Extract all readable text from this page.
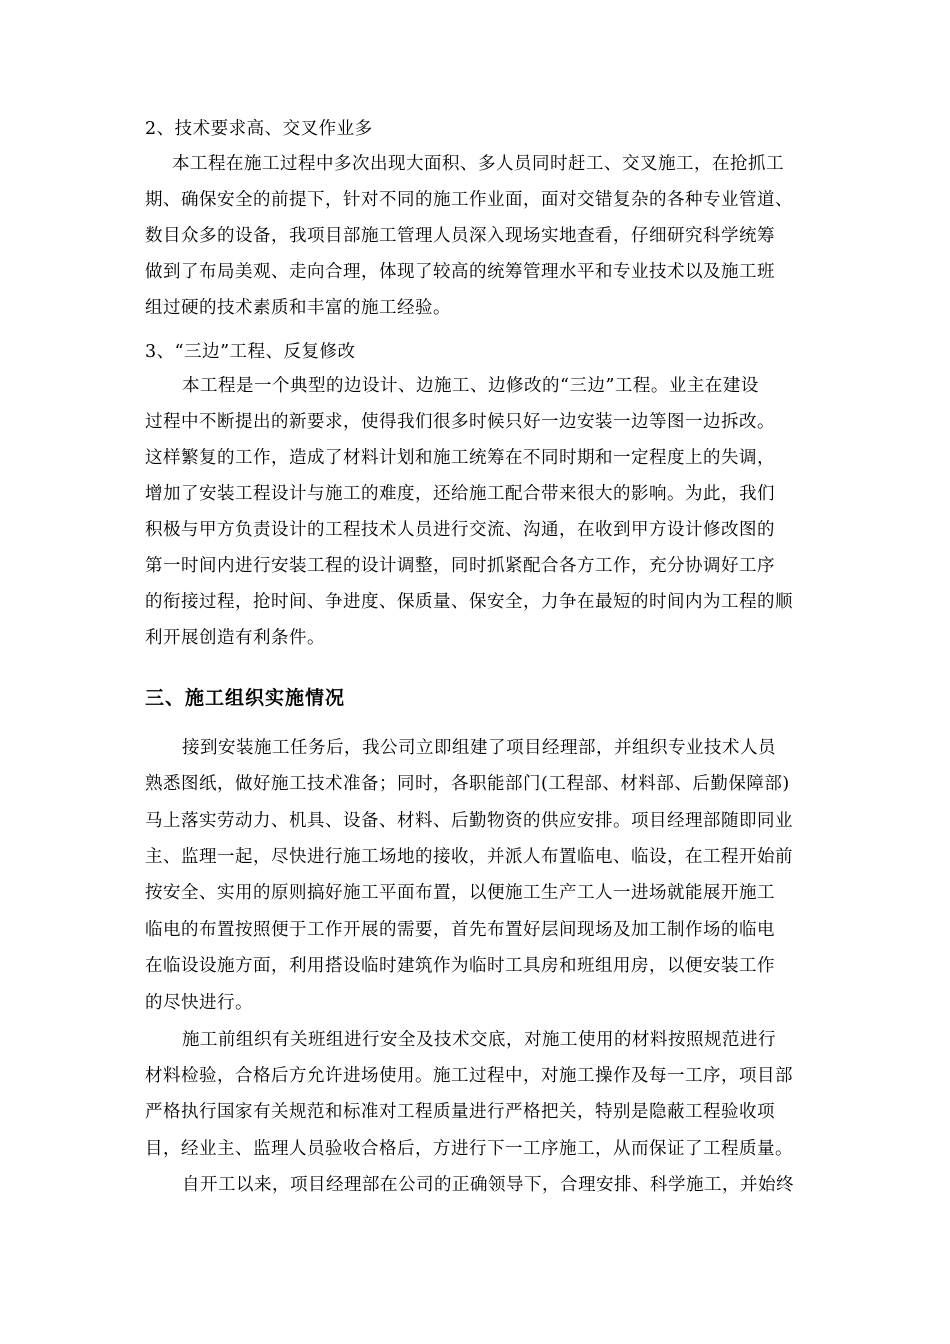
2、技术要求高、交叉作业多
本工程在施工过程中多次出现大面积、多人员同时赶工、交叉施工，在抢抓工
期、确保安全的前提下，针对不同的施工作业面，面对交错复杂的各种专业管道、
数目众多的设备，我项目部施工管理人员深入现场实地查看，仔细研究科学统筹
做到了布局美观、走向合理，体现了较高的统筹管理水平和专业技术以及施工班
组过硬的技术素质和丰富的施工经验。
3、“三边”工程、反复修改
本工程是一个典型的边设计、边施工、边修改的“三边”工程。业主在建设
过程中不断提出的新要求，使得我们很多时候只好一边安装一边等图一边拆改。
这样繁复的工作，造成了材料计划和施工统筹在不同时期和一定程度上的失调，
增加了安装工程设计与施工的难度，还给施工配合带来很大的影响。为此，我们
积极与甲方负责设计的工程技术人员进行交流、沟通，在收到甲方设计修改图的
第一时间内进行安装工程的设计调整，同时抓紧配合各方工作，充分协调好工序
的衔接过程，抢时间、争进度、保质量、保安全，力争在最短的时间内为工程的顺
利开展创造有利条件。
三、施工组织实施情况
接到安装施工任务后，我公司立即组建了项目经理部，并组织专业技术人员
熟悉图纸，做好施工技术准备；同时，各职能部门(工程部、材料部、后勤保障部)
马上落实劳动力、机具、设备、材料、后勤物资的供应安排。项目经理部随即同业
主、监理一起，尽快进行施工场地的接收，并派人布置临电、临设，在工程开始前
按安全、实用的原则搞好施工平面布置，以便施工生产工人一进场就能展开施工
临电的布置按照便于工作开展的需要，首先布置好层间现场及加工制作场的临电
在临设设施方面，利用搭设临时建筑作为临时工具房和班组用房，以便安装工作
的尽快进行。
施工前组织有关班组进行安全及技术交底，对施工使用的材料按照规范进行
材料检验，合格后方允许进场使用。施工过程中，对施工操作及每一工序，项目部
严格执行国家有关规范和标准对工程质量进行严格把关，特别是隐蔽工程验收项
目，经业主、监理人员验收合格后，方进行下一工序施工，从而保证了工程质量。
自开工以来，项目经理部在公司的正确领导下，合理安排、科学施工，并始终
